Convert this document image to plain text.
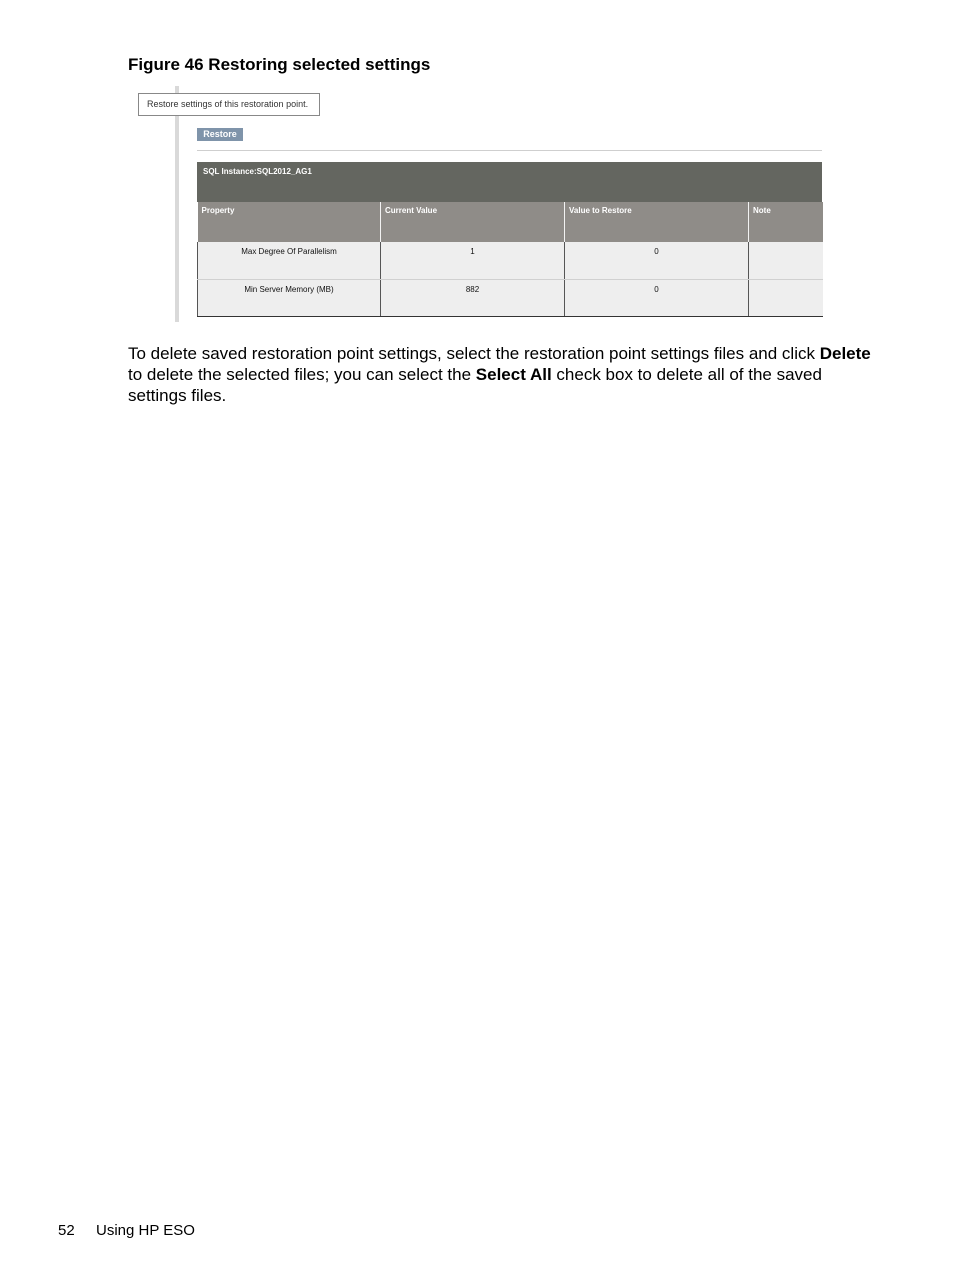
Figure 46 Restoring selected settings
Restore settings of this restoration point.
Restore
SQL Instance:SQL2012_AG1
Property	Current Value	Value to Restore	Note
Max Degree Of Parallelism	1	0	
Min Server Memory (MB)	882	0	

To delete saved restoration point settings, select the restoration point settings files and click Delete to delete the selected files; you can select the Select All check box to delete all of the saved settings files.

52 Using HP ESO
